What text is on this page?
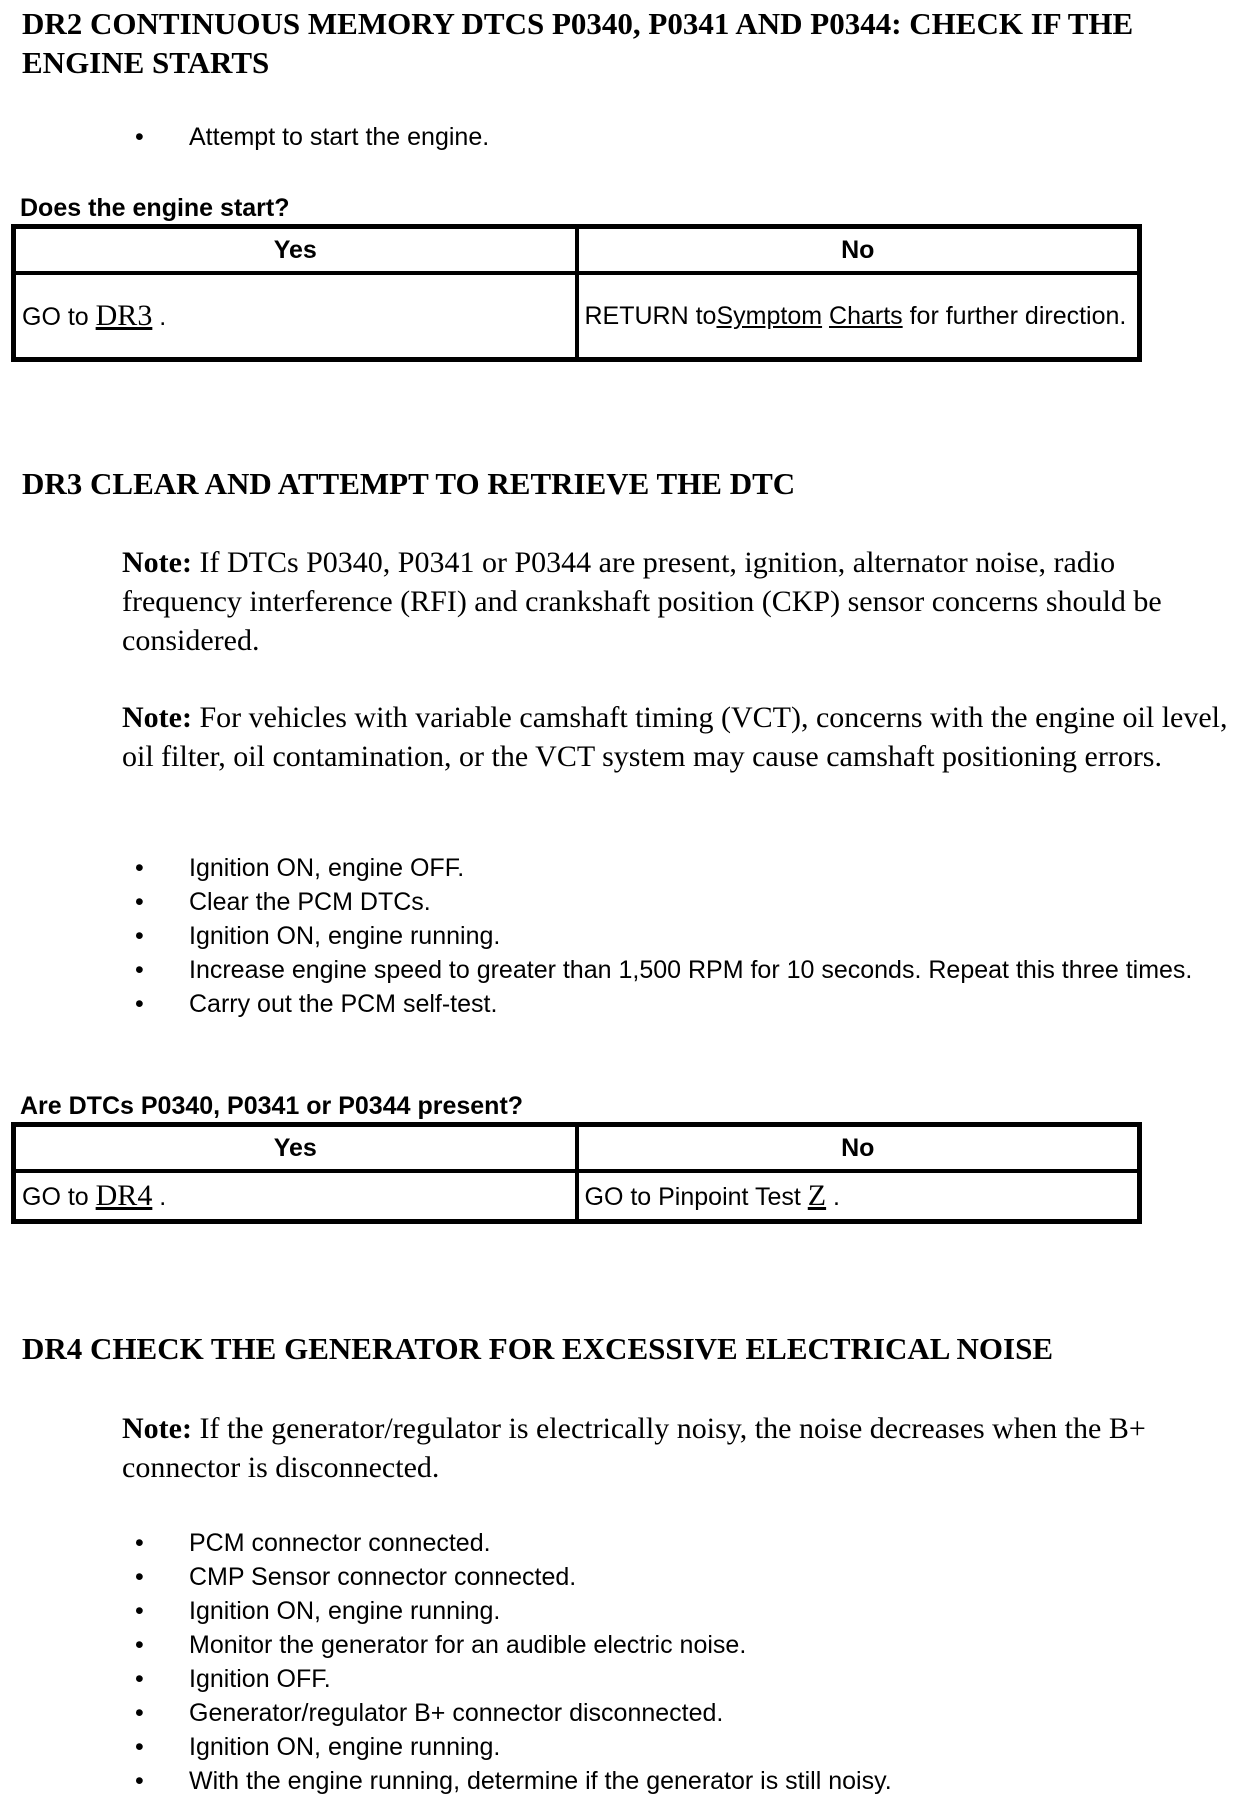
DR2 CONTINUOUS MEMORY DTCS P0340, P0341 AND P0344: CHECK IF THE ENGINE STARTS
• Attempt to start the engine.

Does the engine start?

Yes	No
GO to DR3 .	RETURN toSymptom Charts for further direction.
DR3 CLEAR AND ATTEMPT TO RETRIEVE THE DTC

Note: If DTCs P0340, P0341 or P0344 are present, ignition, alternator noise, radio frequency interference (RFI) and crankshaft position (CKP) sensor concerns should be considered.

Note: For vehicles with variable camshaft timing (VCT), concerns with the engine oil level, oil filter, oil contamination, or the VCT system may cause camshaft positioning errors.

• Ignition ON, engine OFF.
• Clear the PCM DTCs.
• Ignition ON, engine running.
• Increase engine speed to greater than 1,500 RPM for 10 seconds. Repeat this three times.
• Carry out the PCM self-test.

Are DTCs P0340, P0341 or P0344 present?

Yes	No
GO to DR4 .	GO to Pinpoint Test Z .
DR4 CHECK THE GENERATOR FOR EXCESSIVE ELECTRICAL NOISE

Note: If the generator/regulator is electrically noisy, the noise decreases when the B+ connector is disconnected.

• PCM connector connected.
• CMP Sensor connector connected.
• Ignition ON, engine running.
• Monitor the generator for an audible electric noise.
• Ignition OFF.
• Generator/regulator B+ connector disconnected.
• Ignition ON, engine running.
• With the engine running, determine if the generator is still noisy.
